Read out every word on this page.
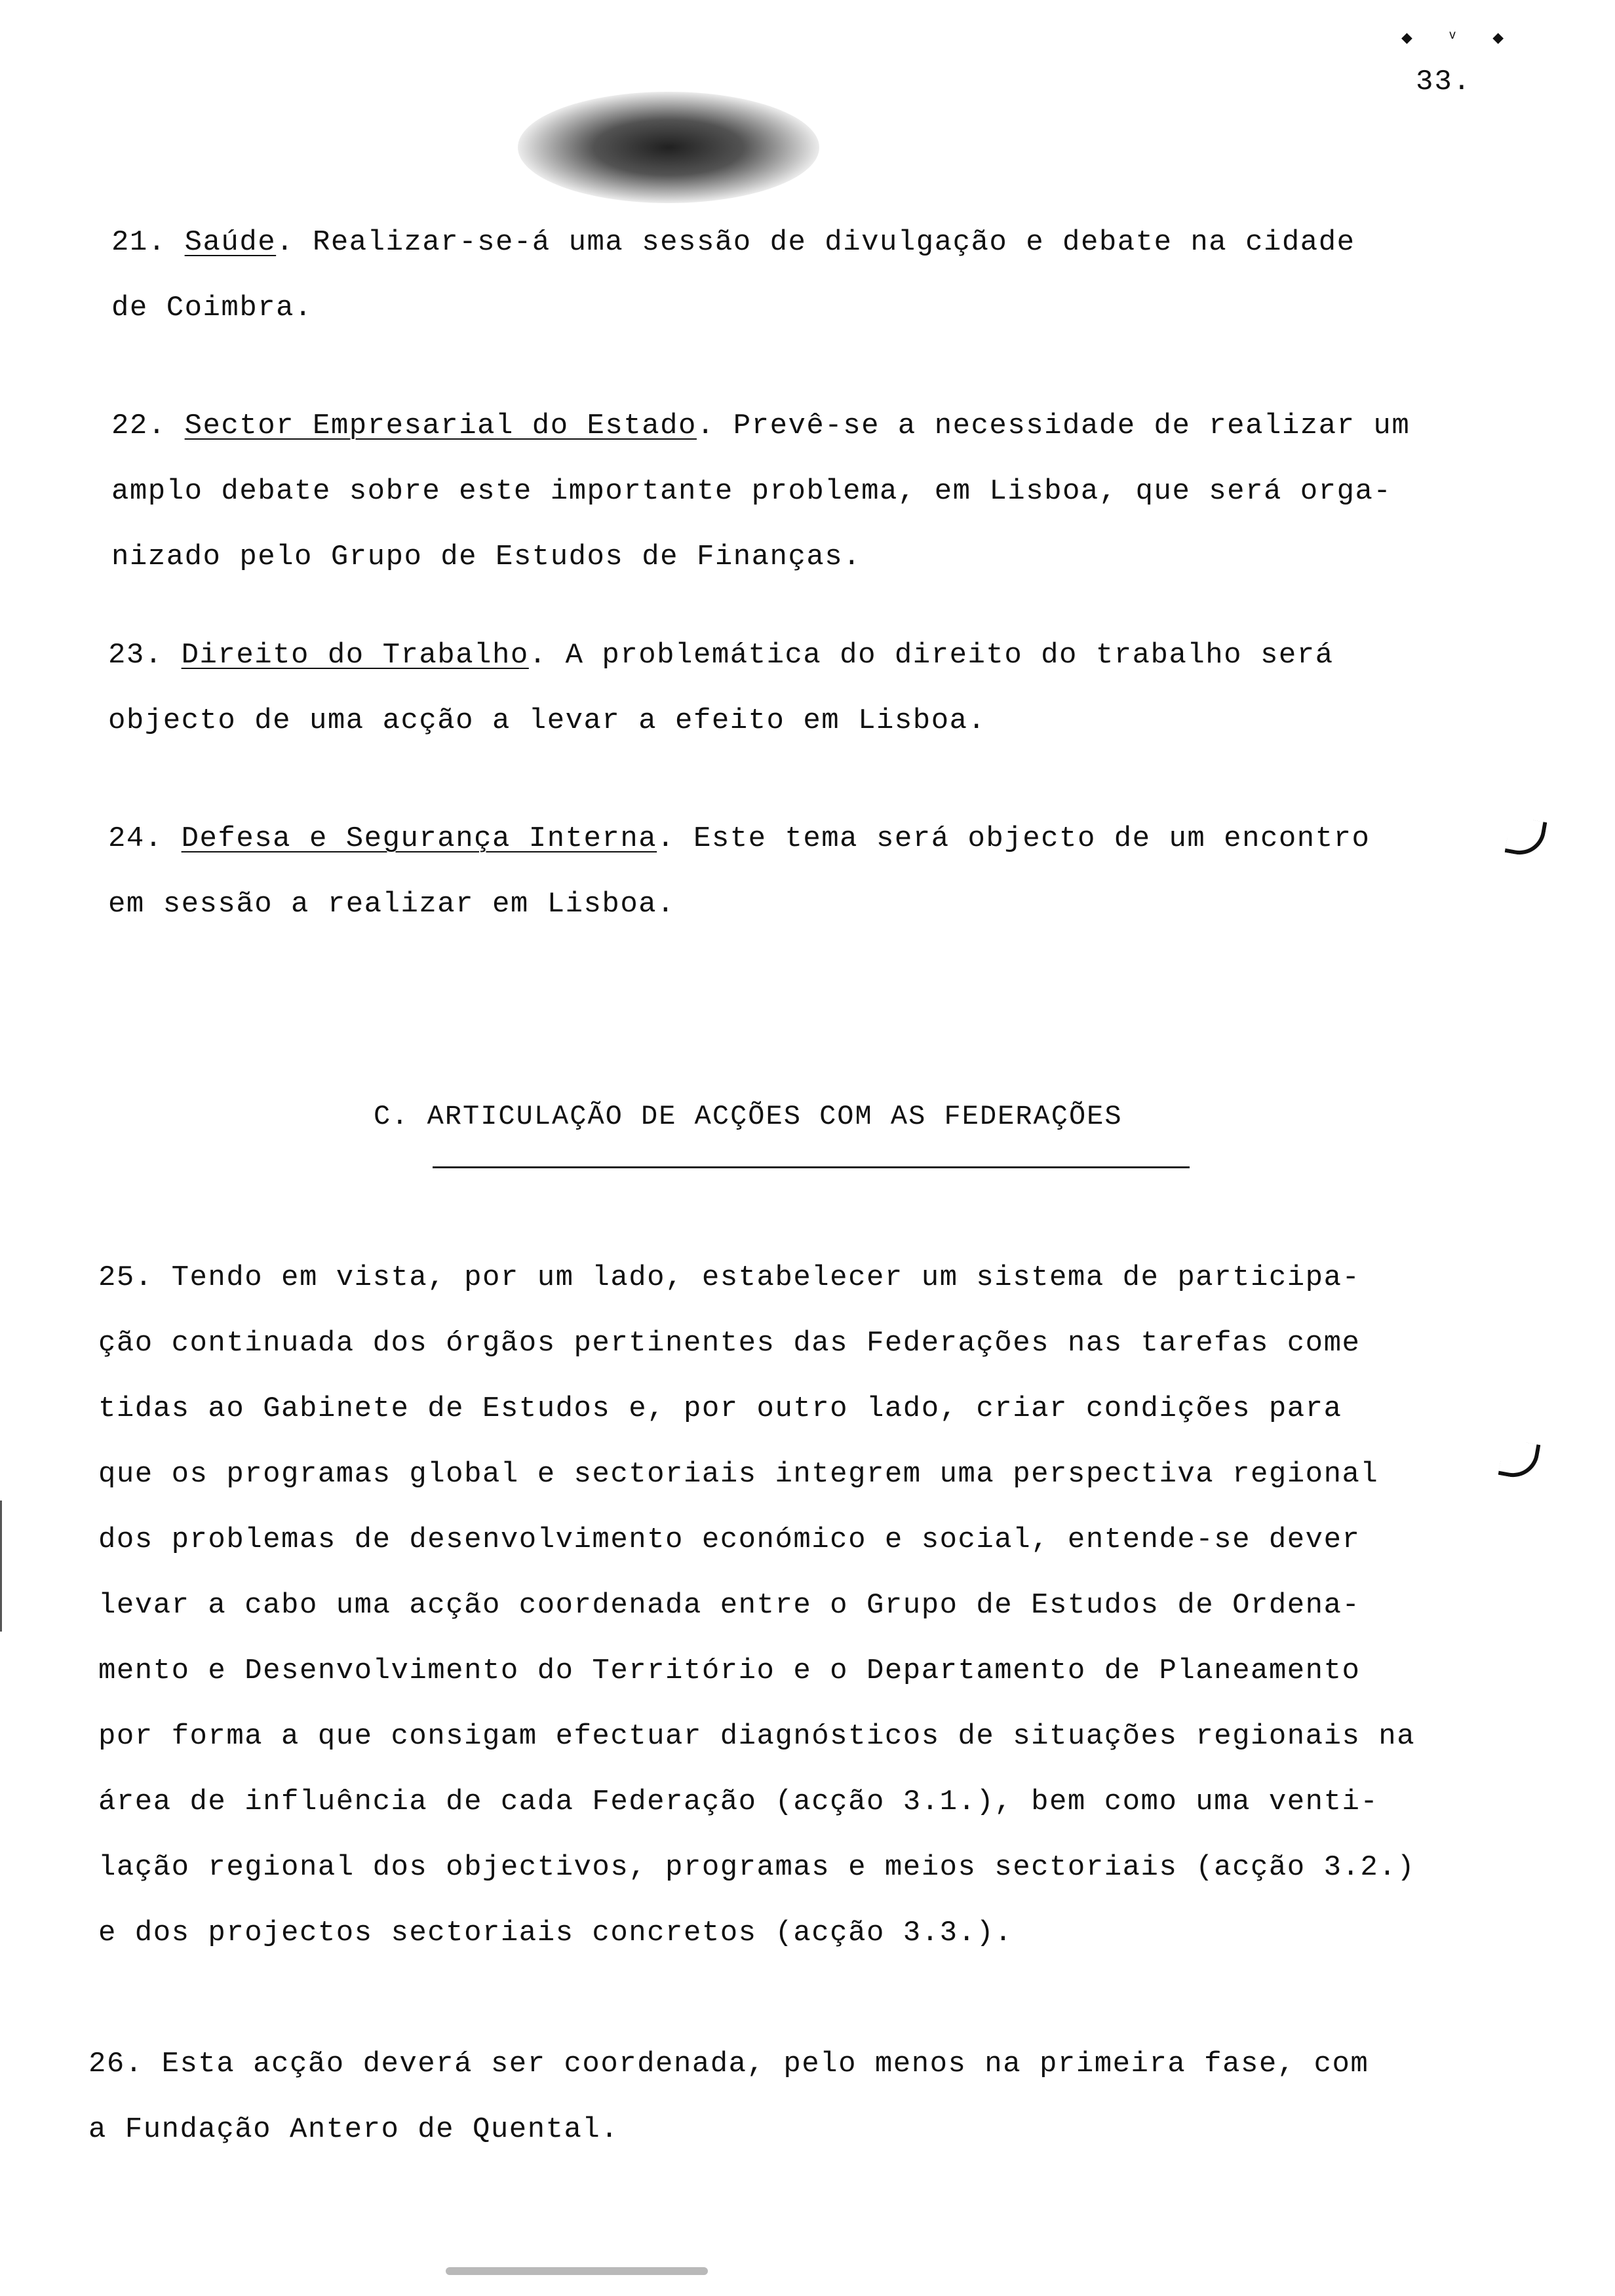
◆ ᵛ ◆
33.
21. Saúde. Realizar-se-á uma sessão de divulgação e debate na cidade
de Coimbra.
22. Sector Empresarial do Estado. Prevê-se a necessidade de realizar um
amplo debate sobre este importante problema, em Lisboa, que será orga-
nizado pelo Grupo de Estudos de Finanças.
23. Direito do Trabalho. A problemática do direito do trabalho será
objecto de uma acção a levar a efeito em Lisboa.
24. Defesa e Segurança Interna. Este tema será objecto de um encontro
em sessão a realizar em Lisboa.
C. ARTICULAÇÃO DE ACÇÕES COM AS FEDERAÇÕES
25. Tendo em vista, por um lado, estabelecer um sistema de participa-
ção continuada dos órgãos pertinentes das Federações nas tarefas come
tidas ao Gabinete de Estudos e, por outro lado, criar condições para
que os programas global e sectoriais integrem uma perspectiva regional
dos problemas de desenvolvimento económico e social, entende-se dever
levar a cabo uma acção coordenada entre o Grupo de Estudos de Ordena-
mento e Desenvolvimento do Território e o Departamento de Planeamento
por forma a que consigam efectuar diagnósticos de situações regionais na
área de influência de cada Federação (acção 3.1.), bem como uma venti-
lação regional dos objectivos, programas e meios sectoriais (acção 3.2.)
e dos projectos sectoriais concretos (acção 3.3.).
26. Esta acção deverá ser coordenada, pelo menos na primeira fase, com
a Fundação Antero de Quental.
